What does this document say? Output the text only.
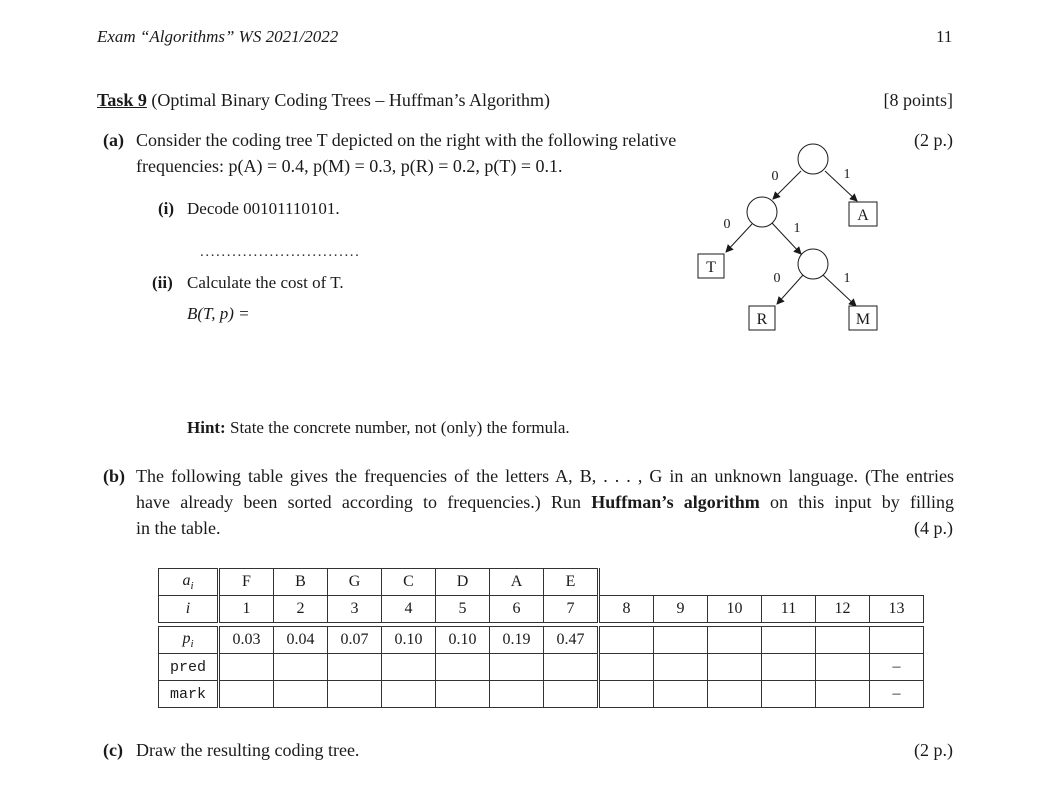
Exam “Algorithms” WS 2021/2022	11
Task 9 (Optimal Binary Coding Trees – Huffman’s Algorithm)	[8 points]
(a) Consider the coding tree T depicted on the right with the following relative
frequencies: p(A) = 0.4, p(M) = 0.3, p(R) = 0.2, p(T) = 0.1.
(2 p.)
(i) Decode 00101110101.
..............................
(ii) Calculate the cost of T.
B(T, p) =
Hint: State the concrete number, not (only) the formula.
T
R	M
A
0	1
0	1
0	1
(b) The following table gives the frequencies of the letters A, B, . . . , G in an unknown language. (The entries
have already been sorted according to frequencies.) Run Huffman’s algorithm on this input by filling
in the table.	(4 p.)
$a_i$	F	B	G	C	D	A	E						
i	1	2	3	4	5	6	7	8	9	10	11	12	13

$p_i$	0.03	0.04	0.07	0.10	0.10	0.19	0.47						
pred													–
mark													–
(c) Draw the resulting coding tree.	(2 p.)
